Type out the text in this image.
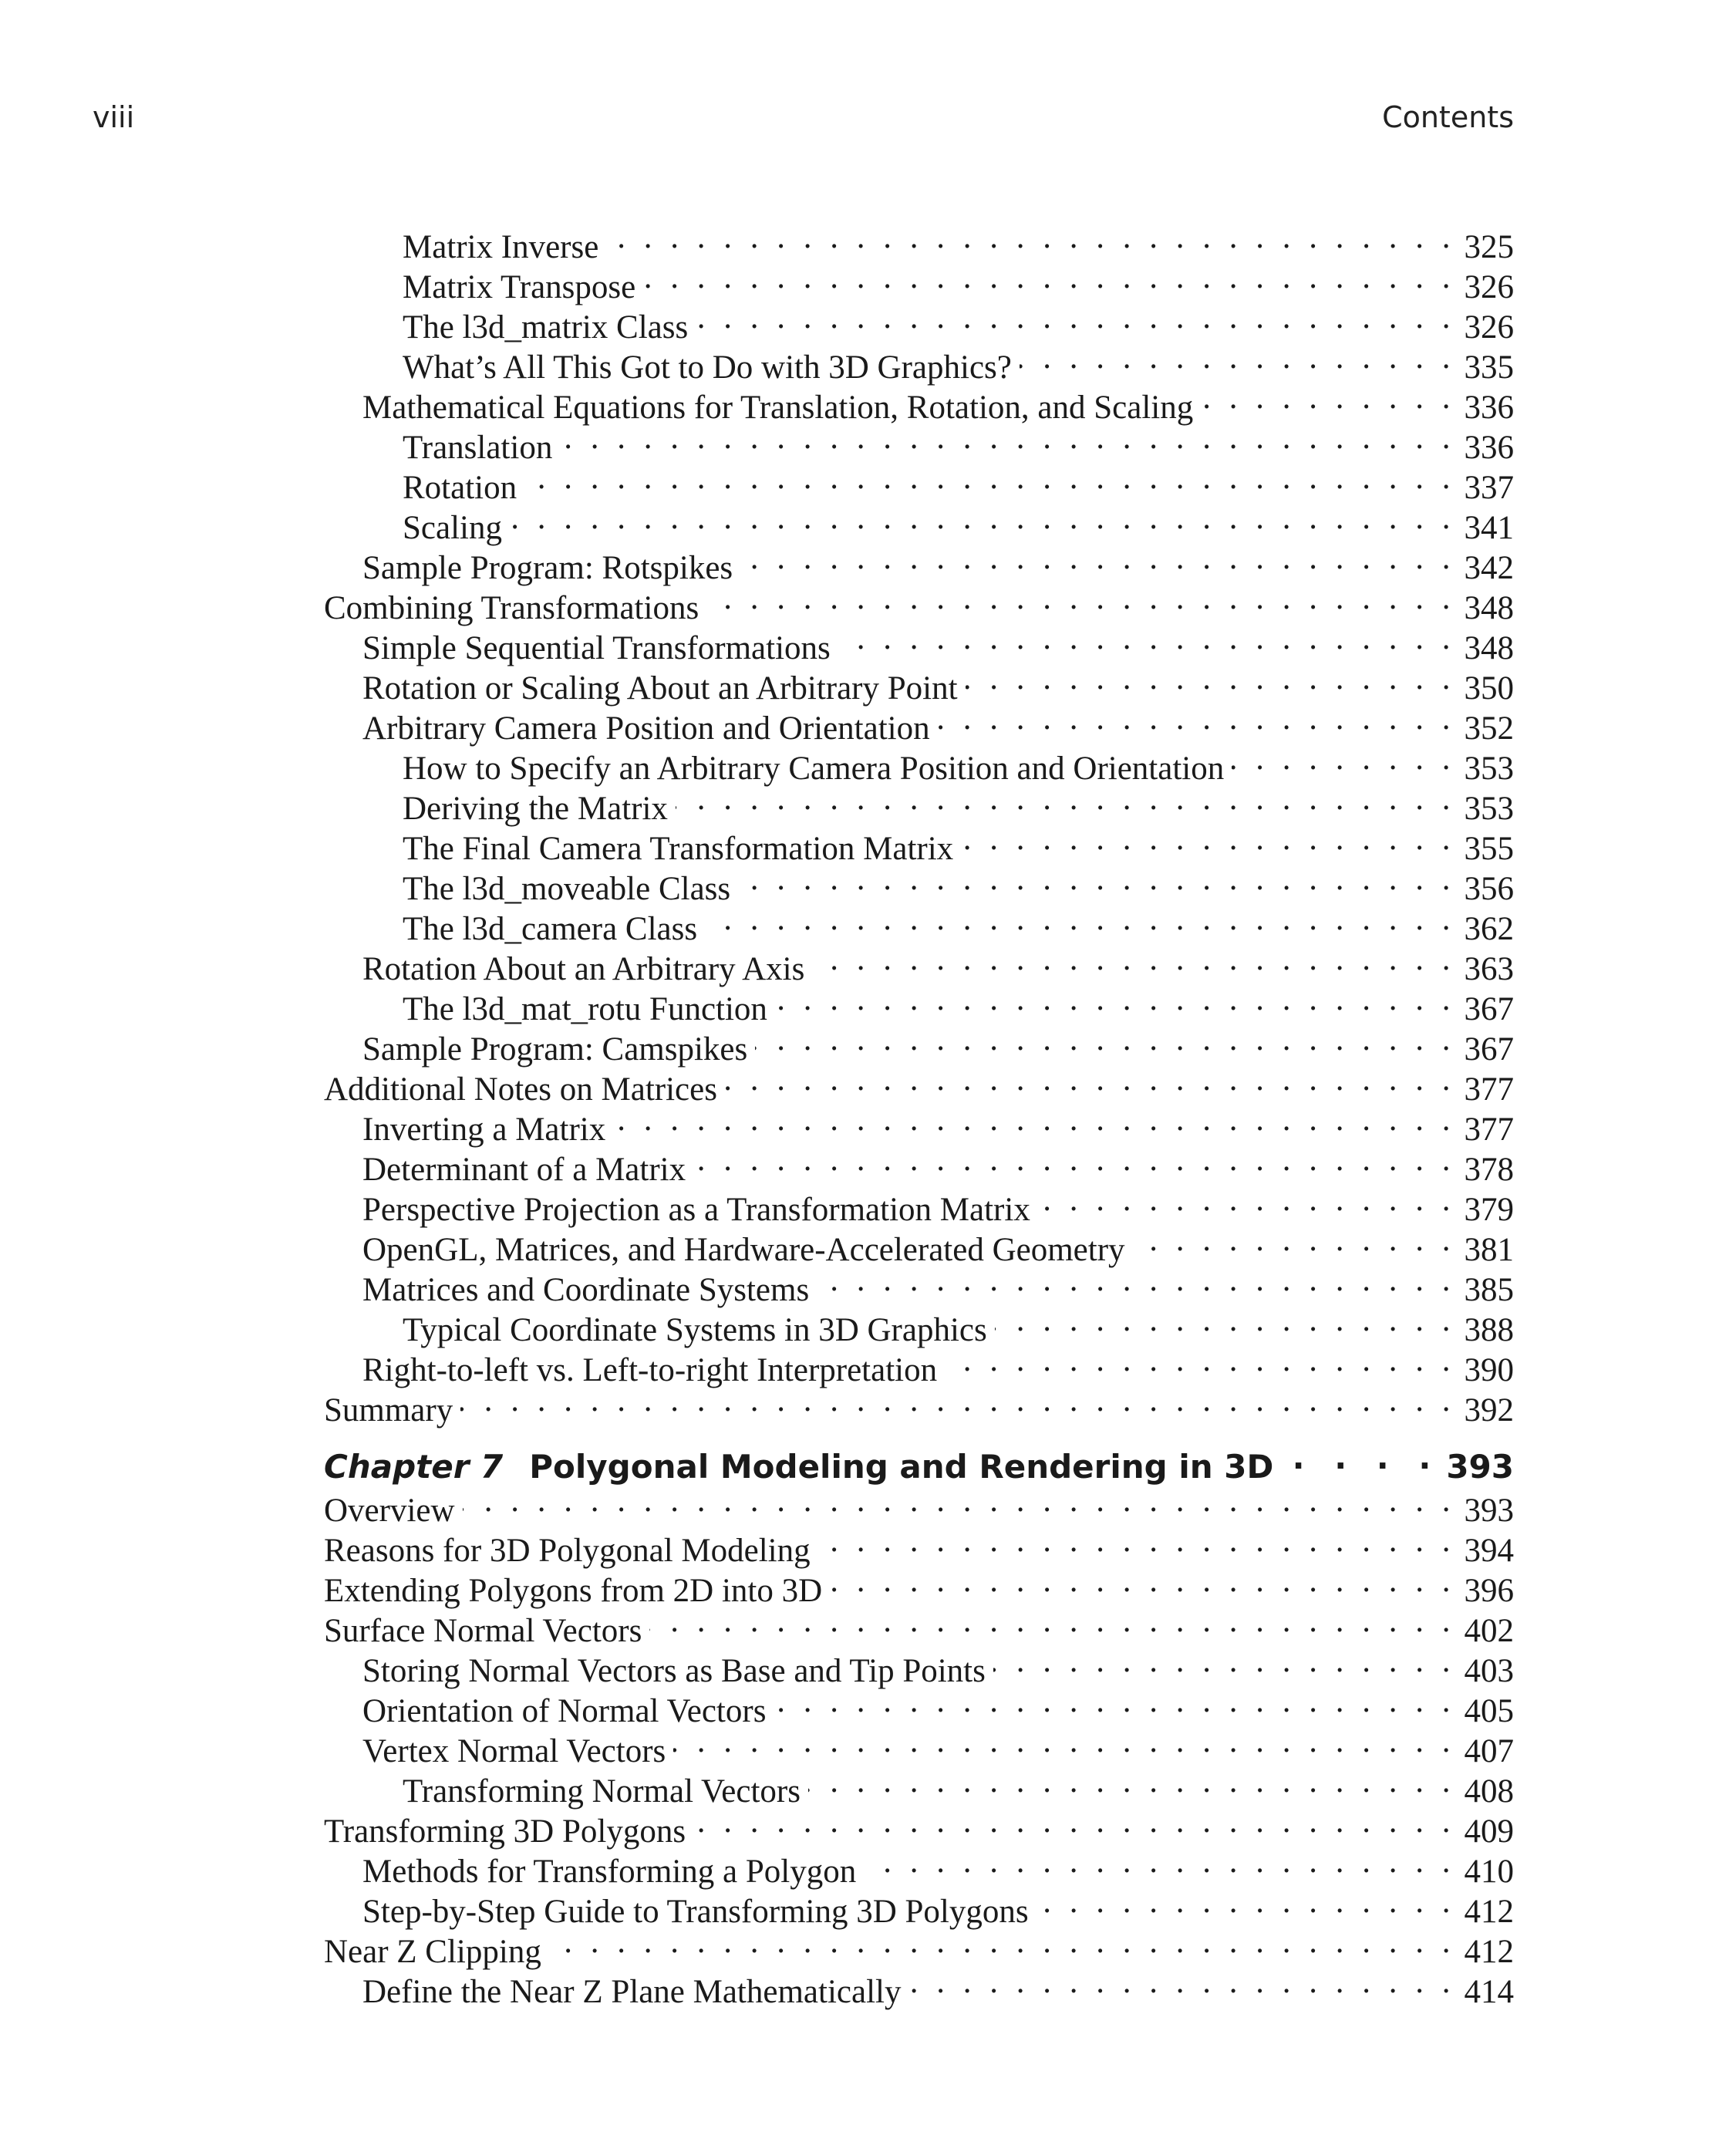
viii	Contents
Matrix Inverse . . .	325
Matrix Transpose . . .	326
The l3d_matrix Class . . .	326
What’s All This Got to Do with 3D Graphics? . . .	335
Mathematical Equations for Translation, Rotation, and Scaling . . .	336
Translation . . .	336
Rotation . . .	337
Scaling . . .	341
Sample Program: Rotspikes . . .	342
Combining Transformations . . .	348
Simple Sequential Transformations . . .	348
Rotation or Scaling About an Arbitrary Point . . .	350
Arbitrary Camera Position and Orientation . . .	352
How to Specify an Arbitrary Camera Position and Orientation . . .	353
Deriving the Matrix . . .	353
The Final Camera Transformation Matrix . . .	355
The l3d_moveable Class . . .	356
The l3d_camera Class . . .	362
Rotation About an Arbitrary Axis . . .	363
The l3d_mat_rotu Function . . .	367
Sample Program: Camspikes . . .	367
Additional Notes on Matrices . . .	377
Inverting a Matrix . . .	377
Determinant of a Matrix . . .	378
Perspective Projection as a Transformation Matrix . . .	379
OpenGL, Matrices, and Hardware-Accelerated Geometry . . .	381
Matrices and Coordinate Systems . . .	385
Typical Coordinate Systems in 3D Graphics . . .	388
Right-to-left vs. Left-to-right Interpretation . . .	390
Summary . . .	392
Chapter 7 Polygonal Modeling and Rendering in 3D . . .	393
Overview . . .	393
Reasons for 3D Polygonal Modeling . . .	394
Extending Polygons from 2D into 3D . . .	396
Surface Normal Vectors . . .	402
Storing Normal Vectors as Base and Tip Points . . .	403
Orientation of Normal Vectors . . .	405
Vertex Normal Vectors . . .	407
Transforming Normal Vectors . . .	408
Transforming 3D Polygons . . .	409
Methods for Transforming a Polygon . . .	410
Step-by-Step Guide to Transforming 3D Polygons . . .	412
Near Z Clipping . . .	412
Define the Near Z Plane Mathematically . . .	414
